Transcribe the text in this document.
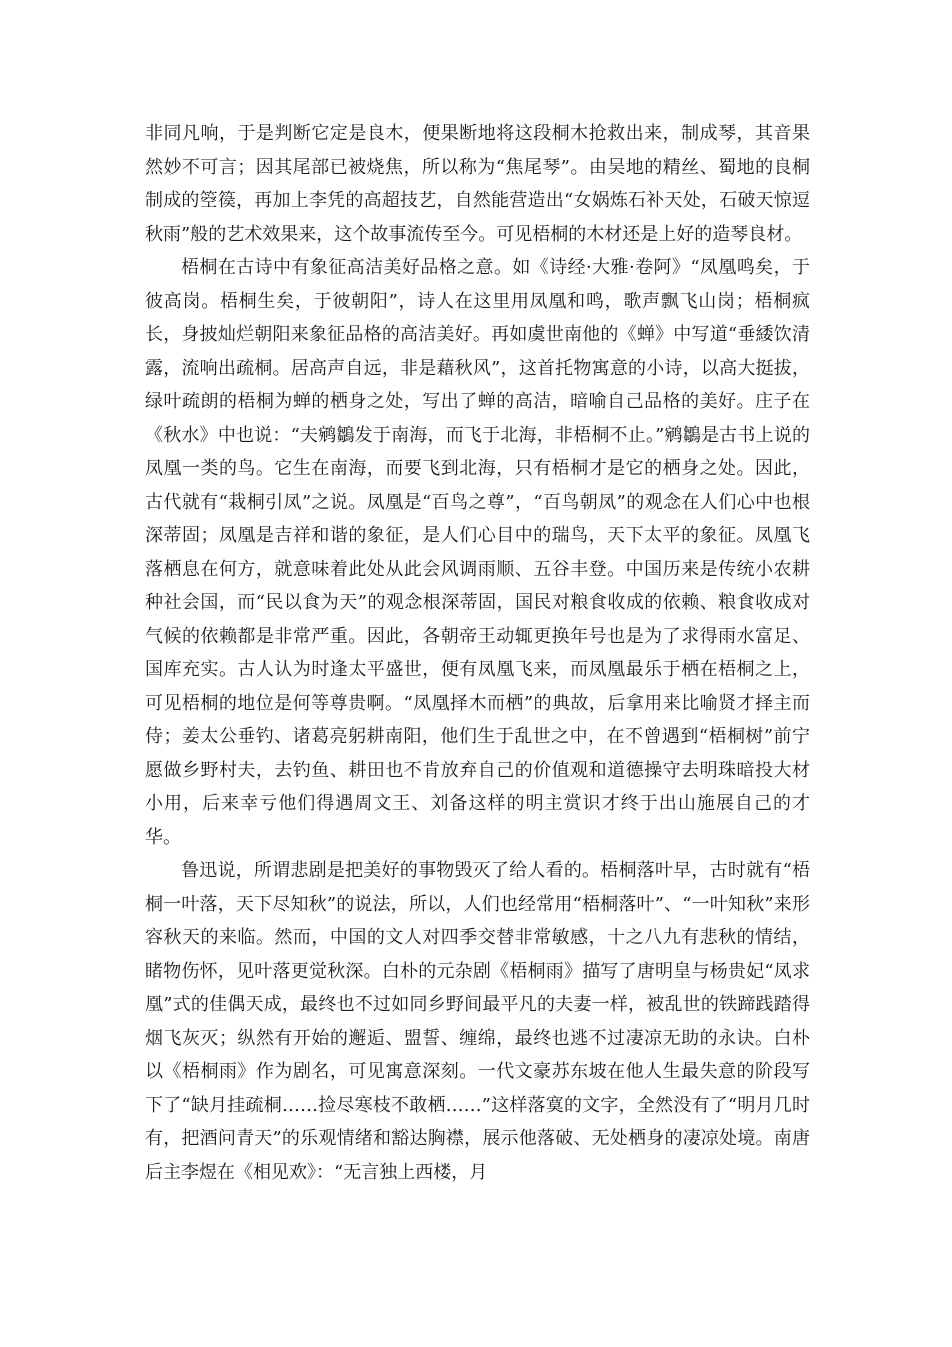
非同凡响，于是判断它定是良木，便果断地将这段桐木抢救出来，制成琴，其音果然妙不可言；因其尾部已被烧焦，所以称为“焦尾琴”。由吴地的精丝、蜀地的良桐制成的箜篌，再加上李凭的高超技艺，自然能营造出“女娲炼石补天处，石破天惊逗秋雨”般的艺术效果来，这个故事流传至今。可见梧桐的木材还是上好的造琴良材。

梧桐在古诗中有象征高洁美好品格之意。如《诗经·大雅·卷阿》“凤凰鸣矣，于彼高岗。梧桐生矣，于彼朝阳”，诗人在这里用凤凰和鸣，歌声飘飞山岗；梧桐疯长，身披灿烂朝阳来象征品格的高洁美好。再如虞世南他的《蝉》中写道“垂緌饮清露，流响出疏桐。居高声自远，非是藉秋风”，这首托物寓意的小诗，以高大挺拔，绿叶疏朗的梧桐为蝉的栖身之处，写出了蝉的高洁，暗喻自己品格的美好。庄子在《秋水》中也说：“夫鹓鶵发于南海，而飞于北海，非梧桐不止。”鹓鶵是古书上说的凤凰一类的鸟。它生在南海，而要飞到北海，只有梧桐才是它的栖身之处。因此，古代就有“栽桐引凤”之说。凤凰是“百鸟之尊”，“百鸟朝凤”的观念在人们心中也根深蒂固；凤凰是吉祥和谐的象征，是人们心目中的瑞鸟，天下太平的象征。凤凰飞落栖息在何方，就意味着此处从此会风调雨顺、五谷丰登。中国历来是传统小农耕种社会国，而“民以食为天”的观念根深蒂固，国民对粮食收成的依赖、粮食收成对气候的依赖都是非常严重。因此，各朝帝王动辄更换年号也是为了求得雨水富足、国库充实。古人认为时逢太平盛世，便有凤凰飞来，而凤凰最乐于栖在梧桐之上，可见梧桐的地位是何等尊贵啊。“凤凰择木而栖”的典故，后拿用来比喻贤才择主而侍；姜太公垂钓、诸葛亮躬耕南阳，他们生于乱世之中，在不曾遇到“梧桐树”前宁愿做乡野村夫，去钓鱼、耕田也不肯放弃自己的价值观和道德操守去明珠暗投大材小用，后来幸亏他们得遇周文王、刘备这样的明主赏识才终于出山施展自己的才华。

鲁迅说，所谓悲剧是把美好的事物毁灭了给人看的。梧桐落叶早，古时就有“梧桐一叶落，天下尽知秋”的说法，所以，人们也经常用“梧桐落叶”、“一叶知秋”来形容秋天的来临。然而，中国的文人对四季交替非常敏感，十之八九有悲秋的情结，睹物伤怀，见叶落更觉秋深。白朴的元杂剧《梧桐雨》描写了唐明皇与杨贵妃“凤求凰”式的佳偶天成，最终也不过如同乡野间最平凡的夫妻一样，被乱世的铁蹄践踏得烟飞灰灭；纵然有开始的邂逅、盟誓、缠绵，最终也逃不过凄凉无助的永诀。白朴以《梧桐雨》作为剧名，可见寓意深刻。一代文豪苏东坡在他人生最失意的阶段写下了“缺月挂疏桐……捡尽寒枝不敢栖……”这样落寞的文字，全然没有了“明月几时有，把酒问青天”的乐观情绪和豁达胸襟，展示他落破、无处栖身的凄凉处境。南唐后主李煜在《相见欢》：“无言独上西楼，月
